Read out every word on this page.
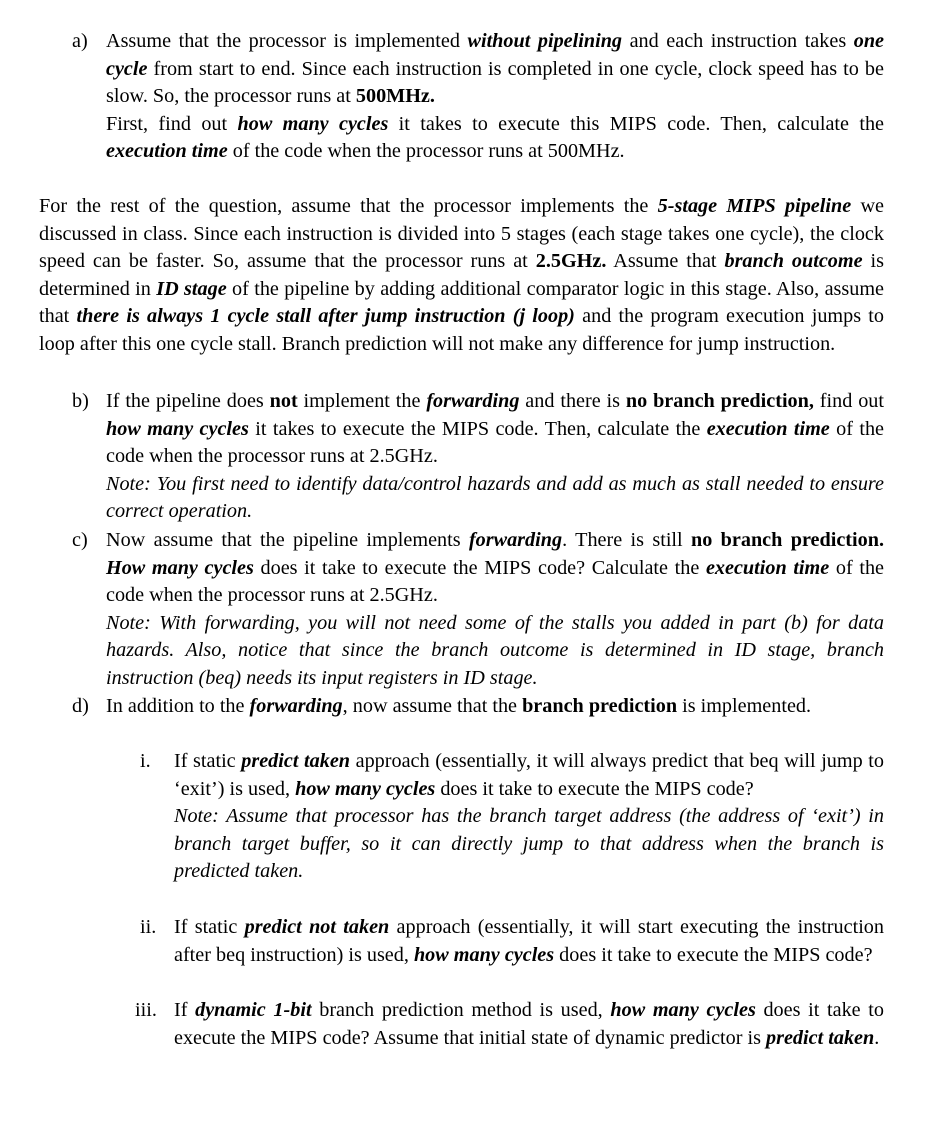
a) Assume that the processor is implemented without pipelining and each instruction takes one cycle from start to end. Since each instruction is completed in one cycle, clock speed has to be slow. So, the processor runs at 500MHz.
First, find out how many cycles it takes to execute this MIPS code. Then, calculate the execution time of the code when the processor runs at 500MHz.
For the rest of the question, assume that the processor implements the 5-stage MIPS pipeline we discussed in class. Since each instruction is divided into 5 stages (each stage takes one cycle), the clock speed can be faster. So, assume that the processor runs at 2.5GHz. Assume that branch outcome is determined in ID stage of the pipeline by adding additional comparator logic in this stage. Also, assume that there is always 1 cycle stall after jump instruction (j loop) and the program execution jumps to loop after this one cycle stall. Branch prediction will not make any difference for jump instruction.
b) If the pipeline does not implement the forwarding and there is no branch prediction, find out how many cycles it takes to execute the MIPS code. Then, calculate the execution time of the code when the processor runs at 2.5GHz.
Note: You first need to identify data/control hazards and add as much as stall needed to ensure correct operation.
c) Now assume that the pipeline implements forwarding. There is still no branch prediction. How many cycles does it take to execute the MIPS code? Calculate the execution time of the code when the processor runs at 2.5GHz.
Note: With forwarding, you will not need some of the stalls you added in part (b) for data hazards. Also, notice that since the branch outcome is determined in ID stage, branch instruction (beq) needs its input registers in ID stage.
d) In addition to the forwarding, now assume that the branch prediction is implemented.
i. If static predict taken approach (essentially, it will always predict that beq will jump to ‘exit’) is used, how many cycles does it take to execute the MIPS code?
Note: Assume that processor has the branch target address (the address of ‘exit’) in branch target buffer, so it can directly jump to that address when the branch is predicted taken.
ii. If static predict not taken approach (essentially, it will start executing the instruction after beq instruction) is used, how many cycles does it take to execute the MIPS code?
iii. If dynamic 1-bit branch prediction method is used, how many cycles does it take to execute the MIPS code? Assume that initial state of dynamic predictor is predict taken.
